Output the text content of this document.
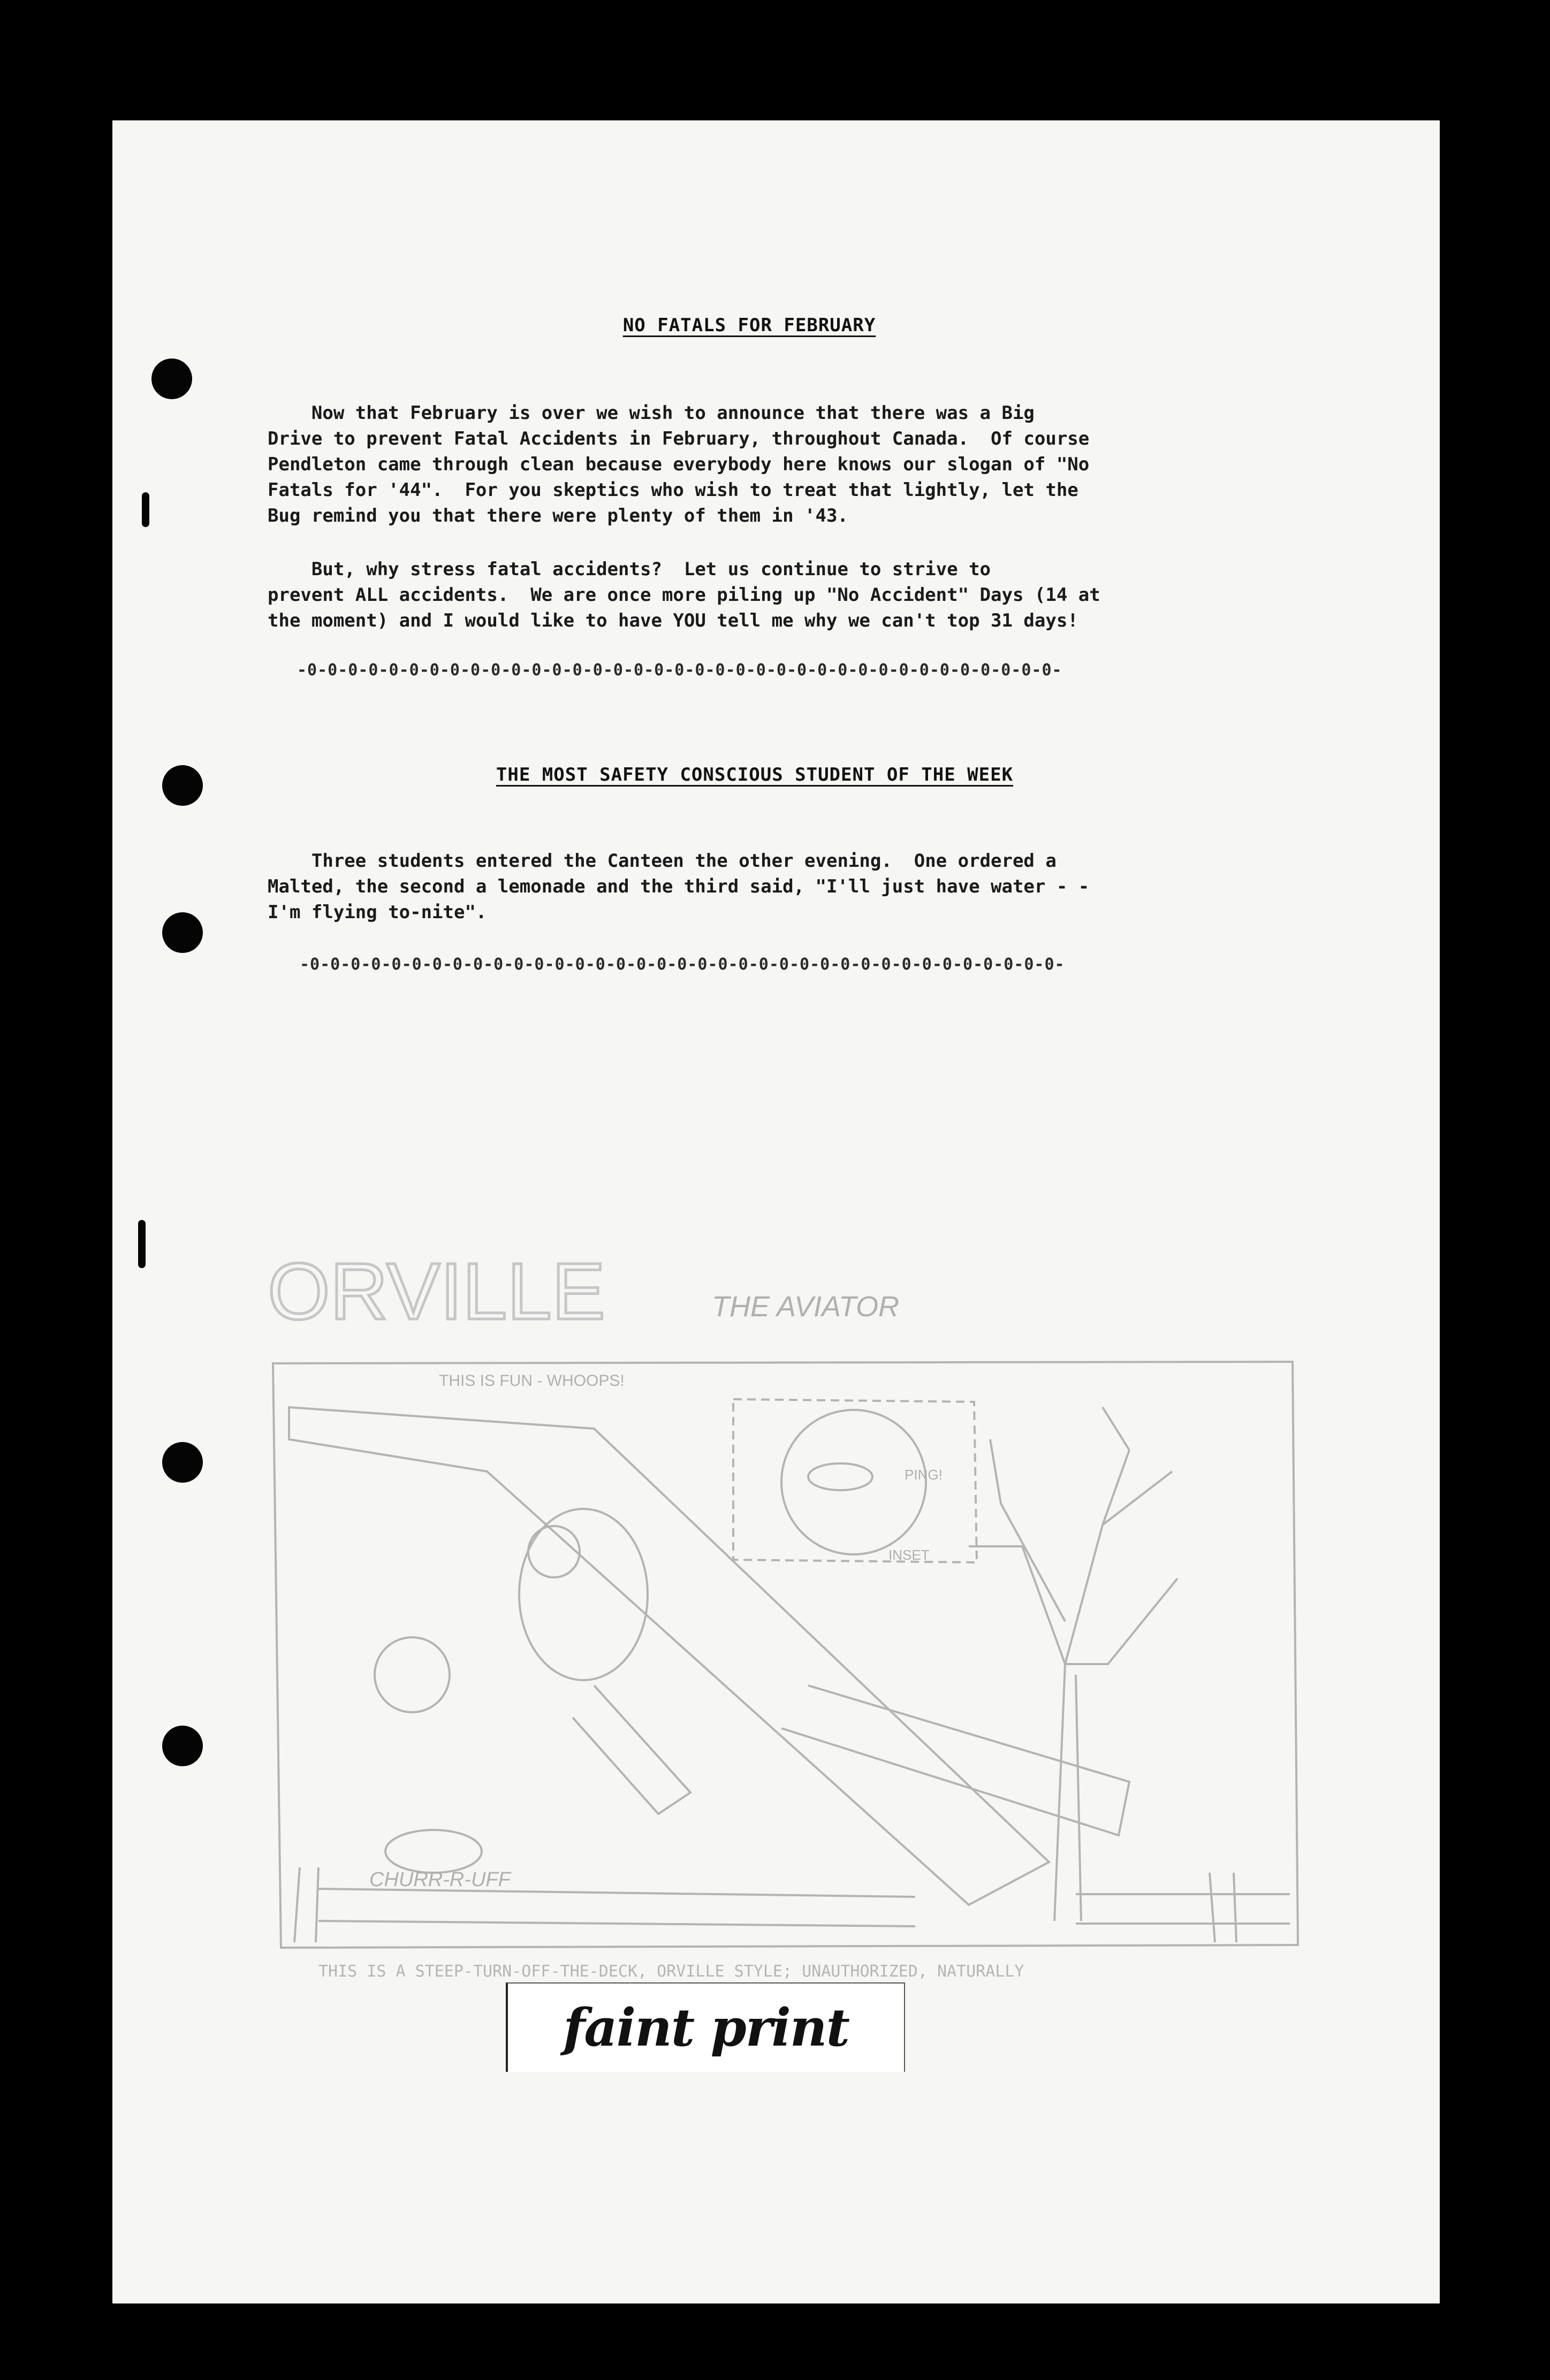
NO FATALS FOR FEBRUARY
Now that February is over we wish to announce that there was a Big
Drive to prevent Fatal Accidents in February, throughout Canada.  Of course
Pendleton came through clean because everybody here knows our slogan of "No
Fatals for '44".  For you skeptics who wish to treat that lightly, let the
Bug remind you that there were plenty of them in '43.
But, why stress fatal accidents?  Let us continue to strive to
prevent ALL accidents.  We are once more piling up "No Accident" Days (14 at
the moment) and I would like to have YOU tell me why we can't top 31 days!
-0-0-0-0-0-0-0-0-0-0-0-0-0-0-0-0-0-0-0-0-0-0-0-0-0-0-0-0-0-0-0-0-0-0-0-0-0-
THE MOST SAFETY CONSCIOUS STUDENT OF THE WEEK
Three students entered the Canteen the other evening.  One ordered a
Malted, the second a lemonade and the third said, "I'll just have water - -
I'm flying to-nite".
-0-0-0-0-0-0-0-0-0-0-0-0-0-0-0-0-0-0-0-0-0-0-0-0-0-0-0-0-0-0-0-0-0-0-0-0-0-
ORVILLE	THE AVIATOR
THIS IS FUN - WHOOPS!
PING!
INSET
CHURR-R-UFF
THIS IS A STEEP-TURN-OFF-THE-DECK, ORVILLE STYLE; UNAUTHORIZED, NATURALLY
faint print
